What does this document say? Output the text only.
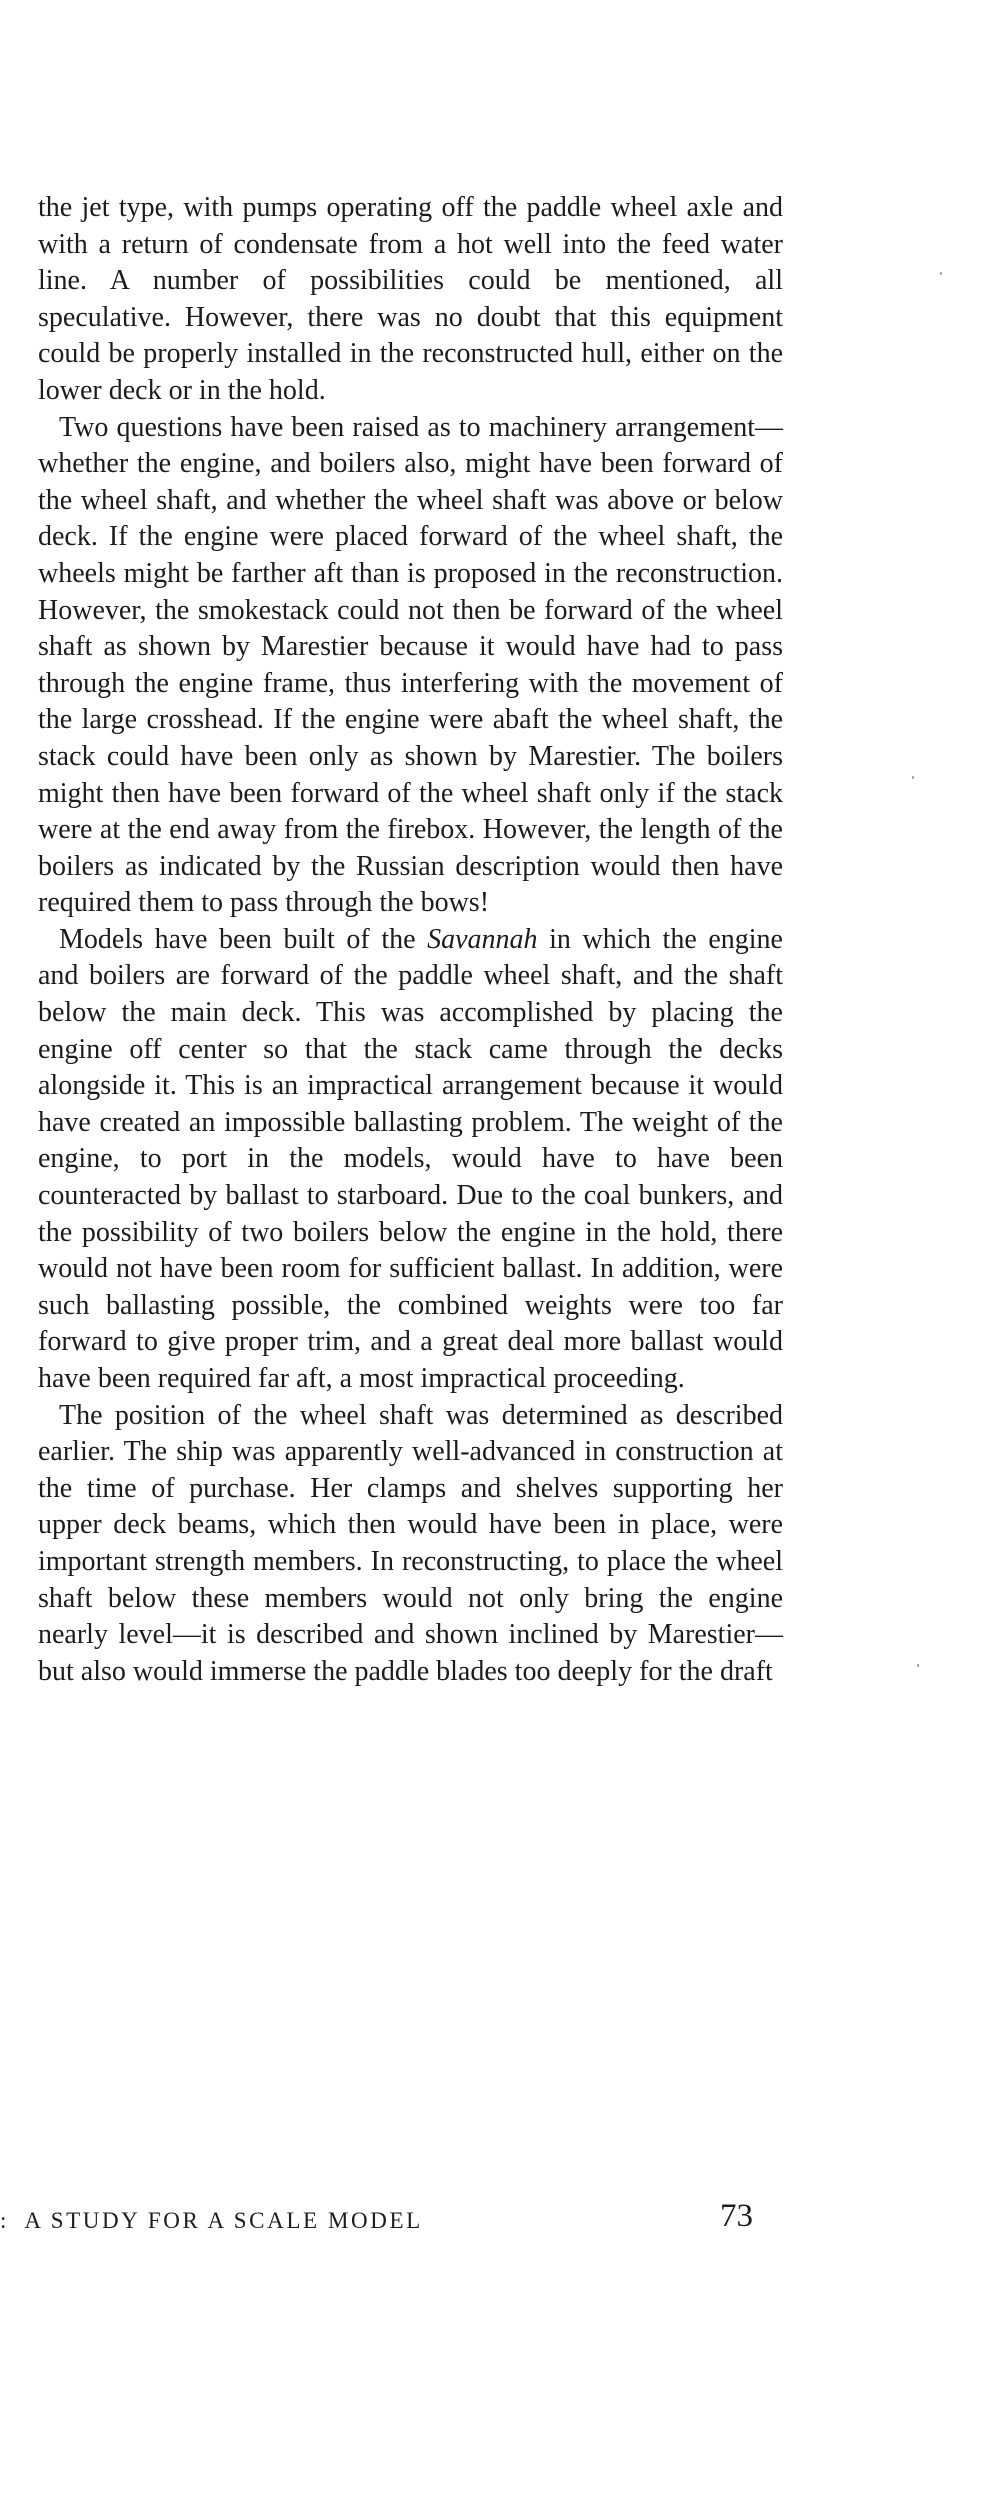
the jet type, with pumps operating off the paddle wheel axle and with a return of condensate from a hot well into the feed water line. A number of possibilities could be mentioned, all speculative. However, there was no doubt that this equipment could be properly installed in the reconstructed hull, either on the lower deck or in the hold.

Two questions have been raised as to machinery arrangement—whether the engine, and boilers also, might have been forward of the wheel shaft, and whether the wheel shaft was above or below deck. If the engine were placed forward of the wheel shaft, the wheels might be farther aft than is proposed in the reconstruction. However, the smokestack could not then be forward of the wheel shaft as shown by Marestier because it would have had to pass through the engine frame, thus interfering with the movement of the large crosshead. If the engine were abaft the wheel shaft, the stack could have been only as shown by Marestier. The boilers might then have been forward of the wheel shaft only if the stack were at the end away from the firebox. However, the length of the boilers as indicated by the Russian description would then have required them to pass through the bows!

Models have been built of the Savannah in which the engine and boilers are forward of the paddle wheel shaft, and the shaft below the main deck. This was accomplished by placing the engine off center so that the stack came through the decks alongside it. This is an impractical arrangement because it would have created an impossible ballasting problem. The weight of the engine, to port in the models, would have to have been counteracted by ballast to starboard. Due to the coal bunkers, and the possibility of two boilers below the engine in the hold, there would not have been room for sufficient ballast. In addition, were such ballasting possible, the combined weights were too far forward to give proper trim, and a great deal more ballast would have been required far aft, a most impractical proceeding.

The position of the wheel shaft was determined as described earlier. The ship was apparently well-advanced in construction at the time of purchase. Her clamps and shelves supporting her upper deck beams, which then would have been in place, were important strength members. In reconstructing, to place the wheel shaft below these members would not only bring the engine nearly level—it is described and shown inclined by Marestier—but also would immerse the paddle blades too deeply for the draft

:  A STUDY FOR A SCALE MODEL	73
